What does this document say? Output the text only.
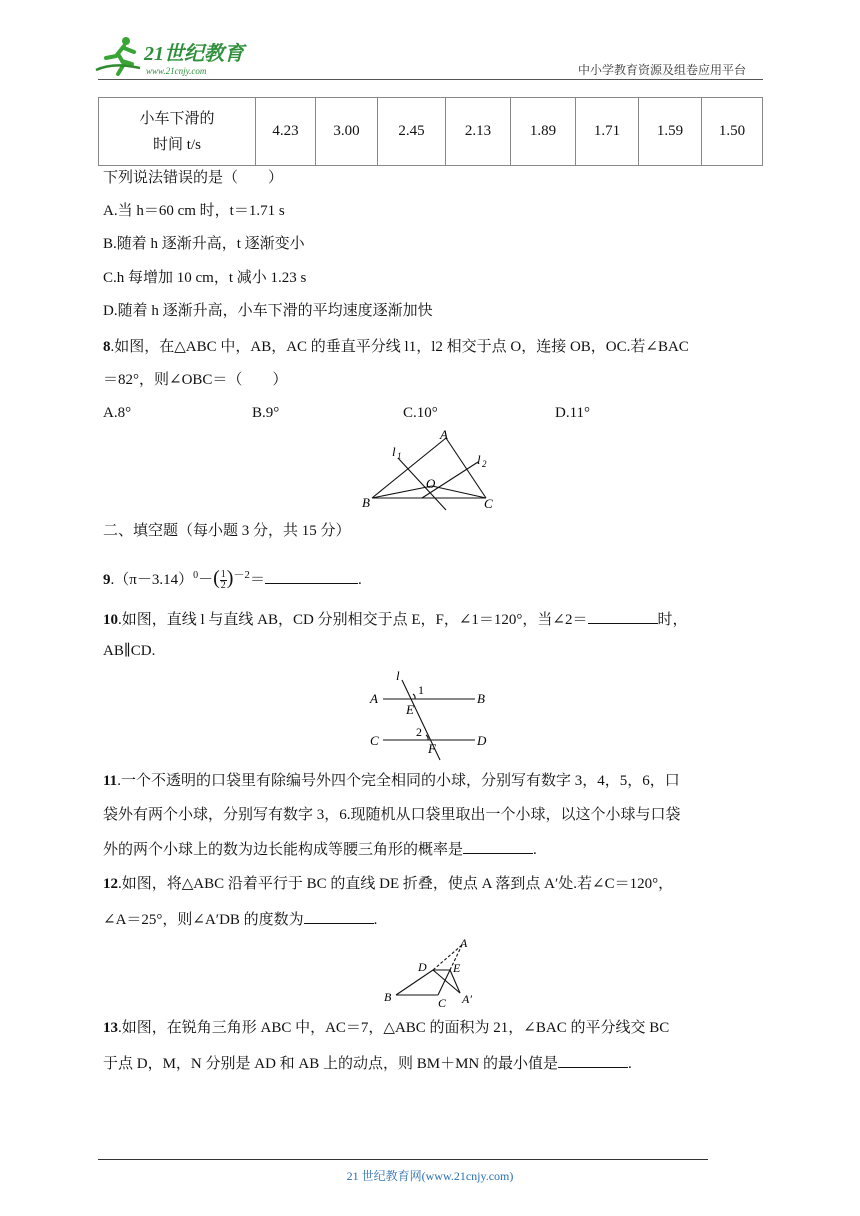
21世纪教育
www.21cnjy.com	中小学教育资源及组卷应用平台
小车下滑的
时间 t/s	4.23	3.00	2.45	2.13	1.89	1.71	1.59	1.50
下列说法错误的是（　　）
A.当 h＝60 cm 时，t＝1.71 s
B.随着 h 逐渐升高，t 逐渐变小
C.h 每增加 10 cm，t 减小 1.23 s
D.随着 h 逐渐升高，小车下滑的平均速度逐渐加快
8.如图，在△ABC 中，AB，AC 的垂直平分线 l1，l2 相交于点 O，连接 OB，OC.若∠BAC
＝82°，则∠OBC＝（　　）
A.8°	B.9°	C.10°	D.11°
A
B	C
O
l 1	l 2
二、填空题（每小题 3 分，共 15 分）
$9.(\pi-3.14)^0-(\frac{1}{2})^{-2}=$	.
10.如图，直线 l 与直线 AB，CD 分别相交于点 E，F，∠1＝120°，当∠2＝	时，
AB∥CD.
l
A	B
C	D
E
F
1
2
11.一个不透明的口袋里有除编号外四个完全相同的小球，分别写有数字 3，4，5，6，口
袋外有两个小球，分别写有数字 3，6.现随机从口袋里取出一个小球，以这个小球与口袋
外的两个小球上的数为边长能构成等腰三角形的概率是	.
12.如图，将△ABC 沿着平行于 BC 的直线 DE 折叠，使点 A 落到点 A′处.若∠C＝120°，
∠A＝25°，则∠A′DB 的度数为	.
A
B	C
D E
A′
13.如图，在锐角三角形 ABC 中，AC＝7，△ABC 的面积为 21，∠BAC 的平分线交 BC
于点 D，M，N 分别是 AD 和 AB 上的动点，则 BM＋MN 的最小值是	.
21 世纪教育网(www.21cnjy.com)
